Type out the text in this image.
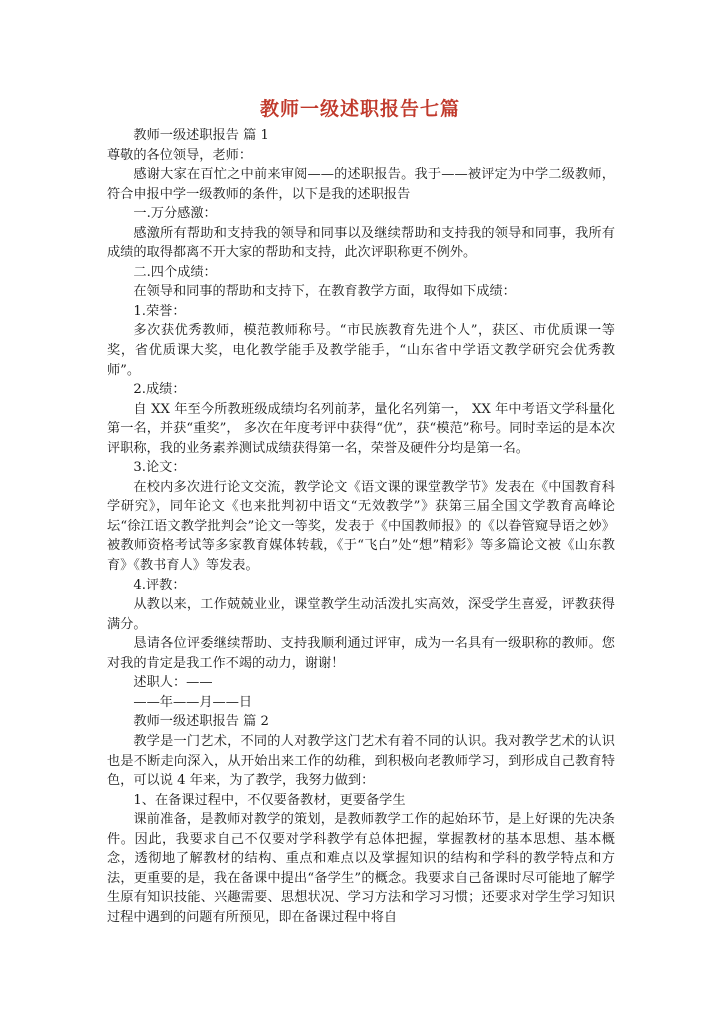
教师一级述职报告七篇

教师一级述职报告 篇 1

尊敬的各位领导，老师：

感谢大家在百忙之中前来审阅——的述职报告。我于——被评定为中学二级教师，符合申报中学一级教师的条件，以下是我的述职报告

一.万分感激：

感激所有帮助和支持我的领导和同事以及继续帮助和支持我的领导和同事，我所有成绩的取得都离不开大家的帮助和支持，此次评职称更不例外。

二.四个成绩：

在领导和同事的帮助和支持下，在教育教学方面，取得如下成绩：

1.荣誉：

多次获优秀教师，模范教师称号。“市民族教育先进个人”，获区、市优质课一等奖，省优质课大奖，电化教学能手及教学能手，“山东省中学语文教学研究会优秀教师”。

2.成绩：

自 XX 年至今所教班级成绩均名列前茅，量化名列第一， XX 年中考语文学科量化第一名，并获“重奖”， 多次在年度考评中获得“优”，获“模范”称号。同时幸运的是本次评职称，我的业务素养测试成绩获得第一名，荣誉及硬件分均是第一名。

3.论文：

在校内多次进行论文交流，教学论文《语文课的课堂教学节》发表在《中国教育科学研究》，同年论文《也来批判初中语文“无效教学”》获第三届全国文学教育高峰论坛“徐江语文教学批判会”论文一等奖，发表于《中国教师报》的《以眷管窥导语之妙》被教师资格考试等多家教育媒体转载，《于“飞白”处“想”精彩》等多篇论文被《山东教育》《教书育人》等发表。

4.评教：

从教以来，工作兢兢业业，课堂教学生动活泼扎实高效，深受学生喜爱，评教获得满分。

恳请各位评委继续帮助、支持我顺利通过评审，成为一名具有一级职称的教师。您对我的肯定是我工作不竭的动力，谢谢！

述职人：——

——年——月——日

教师一级述职报告 篇 2

教学是一门艺术，不同的人对教学这门艺术有着不同的认识。我对教学艺术的认识也是不断走向深入，从开始出来工作的幼稚，到积极向老教师学习，到形成自己教育特色，可以说 4 年来，为了教学，我努力做到：

1、在备课过程中，不仅要备教材，更要备学生

课前准备，是教师对教学的策划，是教师教学工作的起始环节，是上好课的先决条件。因此，我要求自己不仅要对学科教学有总体把握，掌握教材的基本思想、基本概念，透彻地了解教材的结构、重点和难点以及掌握知识的结构和学科的教学特点和方法，更重要的是，我在备课中提出“备学生”的概念。我要求自己备课时尽可能地了解学生原有知识技能、兴趣需要、思想状况、学习方法和学习习惯；还要求对学生学习知识过程中遇到的问题有所预见，即在备课过程中将自
